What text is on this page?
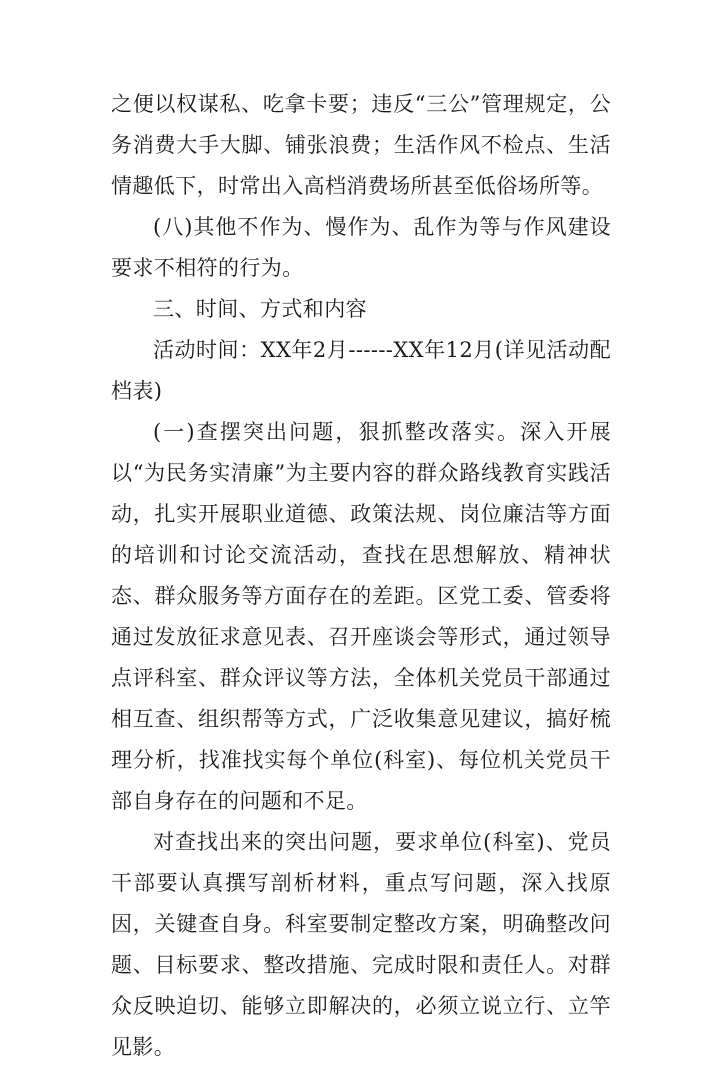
之便以权谋私、吃拿卡要；违反“三公”管理规定，公务消费大手大脚、铺张浪费；生活作风不检点、生活情趣低下，时常出入高档消费场所甚至低俗场所等。

(八)其他不作为、慢作为、乱作为等与作风建设要求不相符的行为。

三、时间、方式和内容

活动时间：XX年2月------XX年12月(详见活动配档表)

(一)查摆突出问题，狠抓整改落实。深入开展以“为民务实清廉”为主要内容的群众路线教育实践活动，扎实开展职业道德、政策法规、岗位廉洁等方面的培训和讨论交流活动，查找在思想解放、精神状态、群众服务等方面存在的差距。区党工委、管委将通过发放征求意见表、召开座谈会等形式，通过领导点评科室、群众评议等方法，全体机关党员干部通过相互查、组织帮等方式，广泛收集意见建议，搞好梳理分析，找准找实每个单位(科室)、每位机关党员干部自身存在的问题和不足。

对查找出来的突出问题，要求单位(科室)、党员干部要认真撰写剖析材料，重点写问题，深入找原因，关键查自身。科室要制定整改方案，明确整改问题、目标要求、整改措施、完成时限和责任人。对群众反映迫切、能够立即解决的，必须立说立行、立竿见影。
